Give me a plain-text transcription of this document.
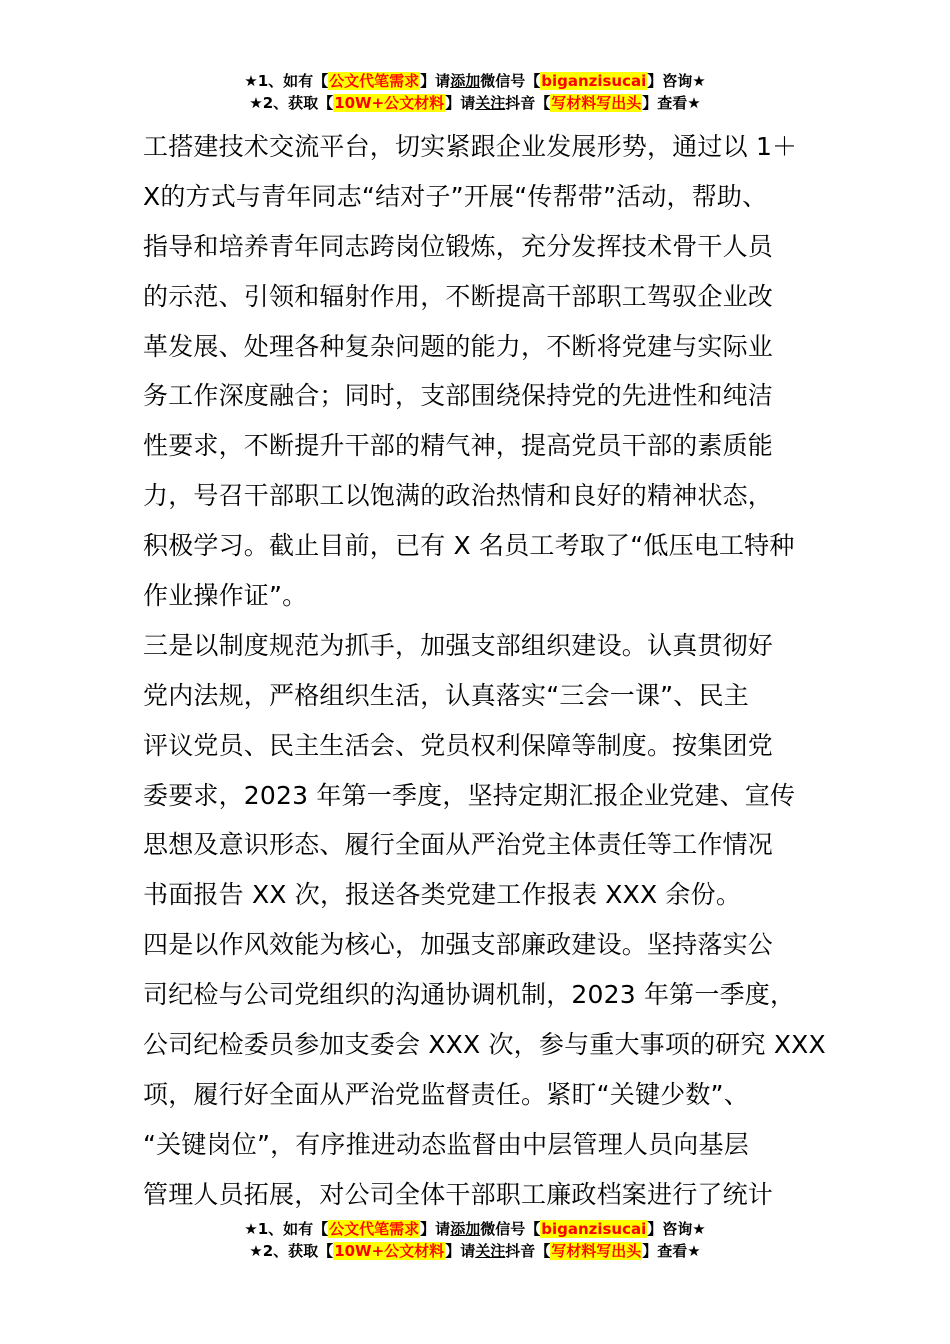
★1、如有【公文代笔需求】请添加微信号【biganzisucai】咨询★
★2、获取【10W+公文材料】请关注抖音【写材料写出头】查看★
工搭建技术交流平台，切实紧跟企业发展形势，通过以 1＋
X的方式与青年同志“结对子”开展“传帮带”活动，帮助、
指导和培养青年同志跨岗位锻炼，充分发挥技术骨干人员
的示范、引领和辐射作用，不断提高干部职工驾驭企业改
革发展、处理各种复杂问题的能力，不断将党建与实际业
务工作深度融合；同时，支部围绕保持党的先进性和纯洁
性要求，不断提升干部的精气神，提高党员干部的素质能
力，号召干部职工以饱满的政治热情和良好的精神状态，
积极学习。截止目前，已有 X 名员工考取了“低压电工特种
作业操作证”。
三是以制度规范为抓手，加强支部组织建设。认真贯彻好
党内法规，严格组织生活，认真落实“三会一课”、民主
评议党员、民主生活会、党员权利保障等制度。按集团党
委要求，2023 年第一季度，坚持定期汇报企业党建、宣传
思想及意识形态、履行全面从严治党主体责任等工作情况
书面报告 XX 次，报送各类党建工作报表 XXX 余份。
四是以作风效能为核心，加强支部廉政建设。坚持落实公
司纪检与公司党组织的沟通协调机制，2023 年第一季度，
公司纪检委员参加支委会 XXX 次，参与重大事项的研究 XXX
项，履行好全面从严治党监督责任。紧盯“关键少数”、
“关键岗位”，有序推进动态监督由中层管理人员向基层
管理人员拓展，对公司全体干部职工廉政档案进行了统计
★1、如有【公文代笔需求】请添加微信号【biganzisucai】咨询★
★2、获取【10W+公文材料】请关注抖音【写材料写出头】查看★
